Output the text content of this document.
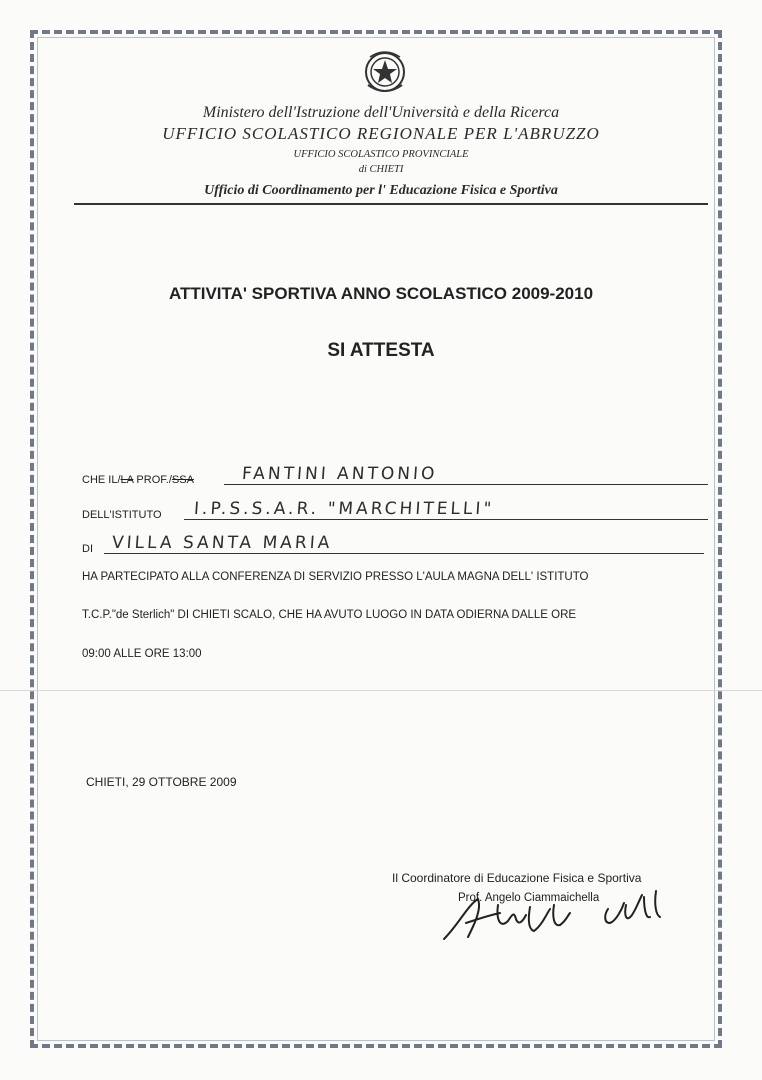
Ministero dell'Istruzione dell'Università e della Ricerca
UFFICIO SCOLASTICO REGIONALE PER L'ABRUZZO
UFFICIO SCOLASTICO PROVINCIALE
di CHIETI
Ufficio di Coordinamento per l' Educazione Fisica e Sportiva
ATTIVITA' SPORTIVA ANNO SCOLASTICO 2009-2010
SI ATTESTA
CHE IL/LA PROF./SSA	FANTINI ANTONIO
DELL'ISTITUTO I.P.S.S.A.R. "MARCHITELLI"
DI VILLA SANTA MARIA
HA PARTECIPATO ALLA CONFERENZA DI SERVIZIO PRESSO L'AULA MAGNA DELL' ISTITUTO
T.C.P."de Sterlich" DI CHIETI SCALO, CHE HA AVUTO LUOGO IN DATA ODIERNA DALLE ORE
09:00 ALLE ORE 13:00
CHIETI, 29 OTTOBRE 2009
Il Coordinatore di Educazione Fisica e Sportiva
Prof. Angelo Ciammaichella
